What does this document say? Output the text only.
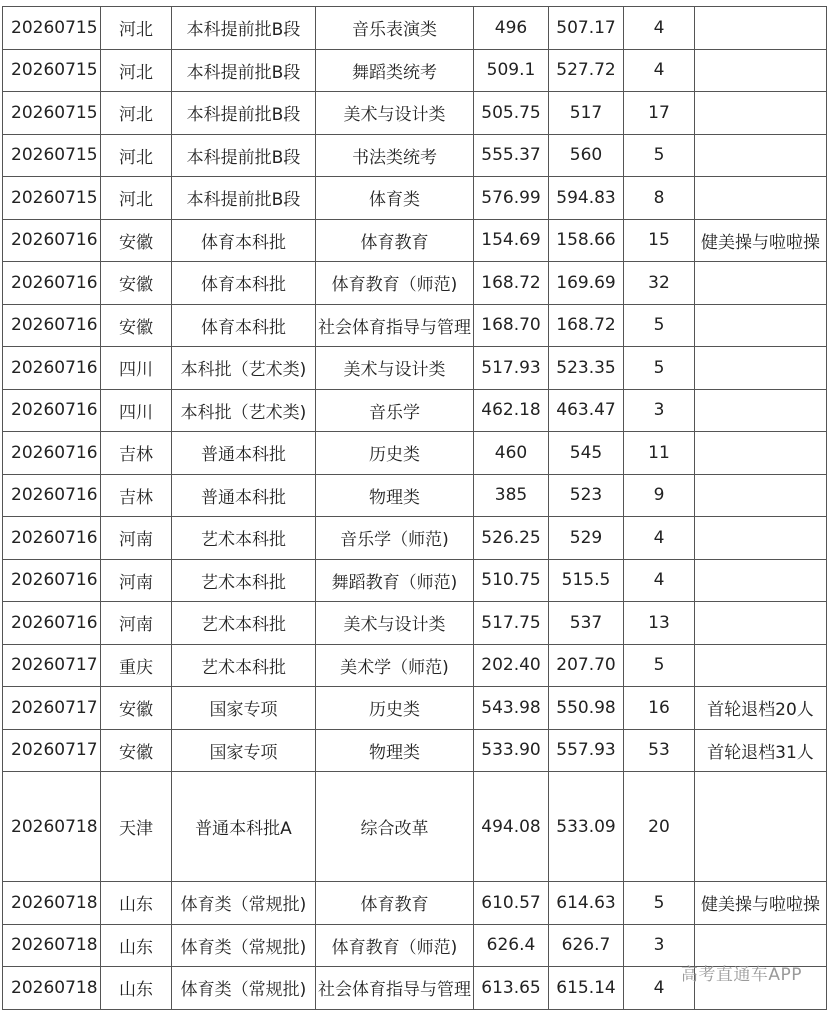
20260715	河北	本科提前批B段	音乐表演类	496	507.17	4	
20260715	河北	本科提前批B段	舞蹈类统考	509.1	527.72	4	
20260715	河北	本科提前批B段	美术与设计类	505.75	517	17	
20260715	河北	本科提前批B段	书法类统考	555.37	560	5	
20260715	河北	本科提前批B段	体育类	576.99	594.83	8	
20260716	安徽	体育本科批	体育教育	154.69	158.66	15	健美操与啦啦操
20260716	安徽	体育本科批	体育教育（师范)	168.72	169.69	32	
20260716	安徽	体育本科批	社会体育指导与管理	168.70	168.72	5	
20260716	四川	本科批（艺术类)	美术与设计类	517.93	523.35	5	
20260716	四川	本科批（艺术类)	音乐学	462.18	463.47	3	
20260716	吉林	普通本科批	历史类	460	545	11	
20260716	吉林	普通本科批	物理类	385	523	9	
20260716	河南	艺术本科批	音乐学（师范)	526.25	529	4	
20260716	河南	艺术本科批	舞蹈教育（师范)	510.75	515.5	4	
20260716	河南	艺术本科批	美术与设计类	517.75	537	13	
20260717	重庆	艺术本科批	美术学（师范)	202.40	207.70	5	
20260717	安徽	国家专项	历史类	543.98	550.98	16	首轮退档20人
20260717	安徽	国家专项	物理类	533.90	557.93	53	首轮退档31人
20260718	天津	普通本科批A	综合改革	494.08	533.09	20	
20260718	山东	体育类（常规批)	体育教育	610.57	614.63	5	健美操与啦啦操
20260718	山东	体育类（常规批)	体育教育（师范)	626.4	626.7	3	
20260718	山东	体育类（常规批)	社会体育指导与管理	613.65	615.14	4	
高考直通车APP
